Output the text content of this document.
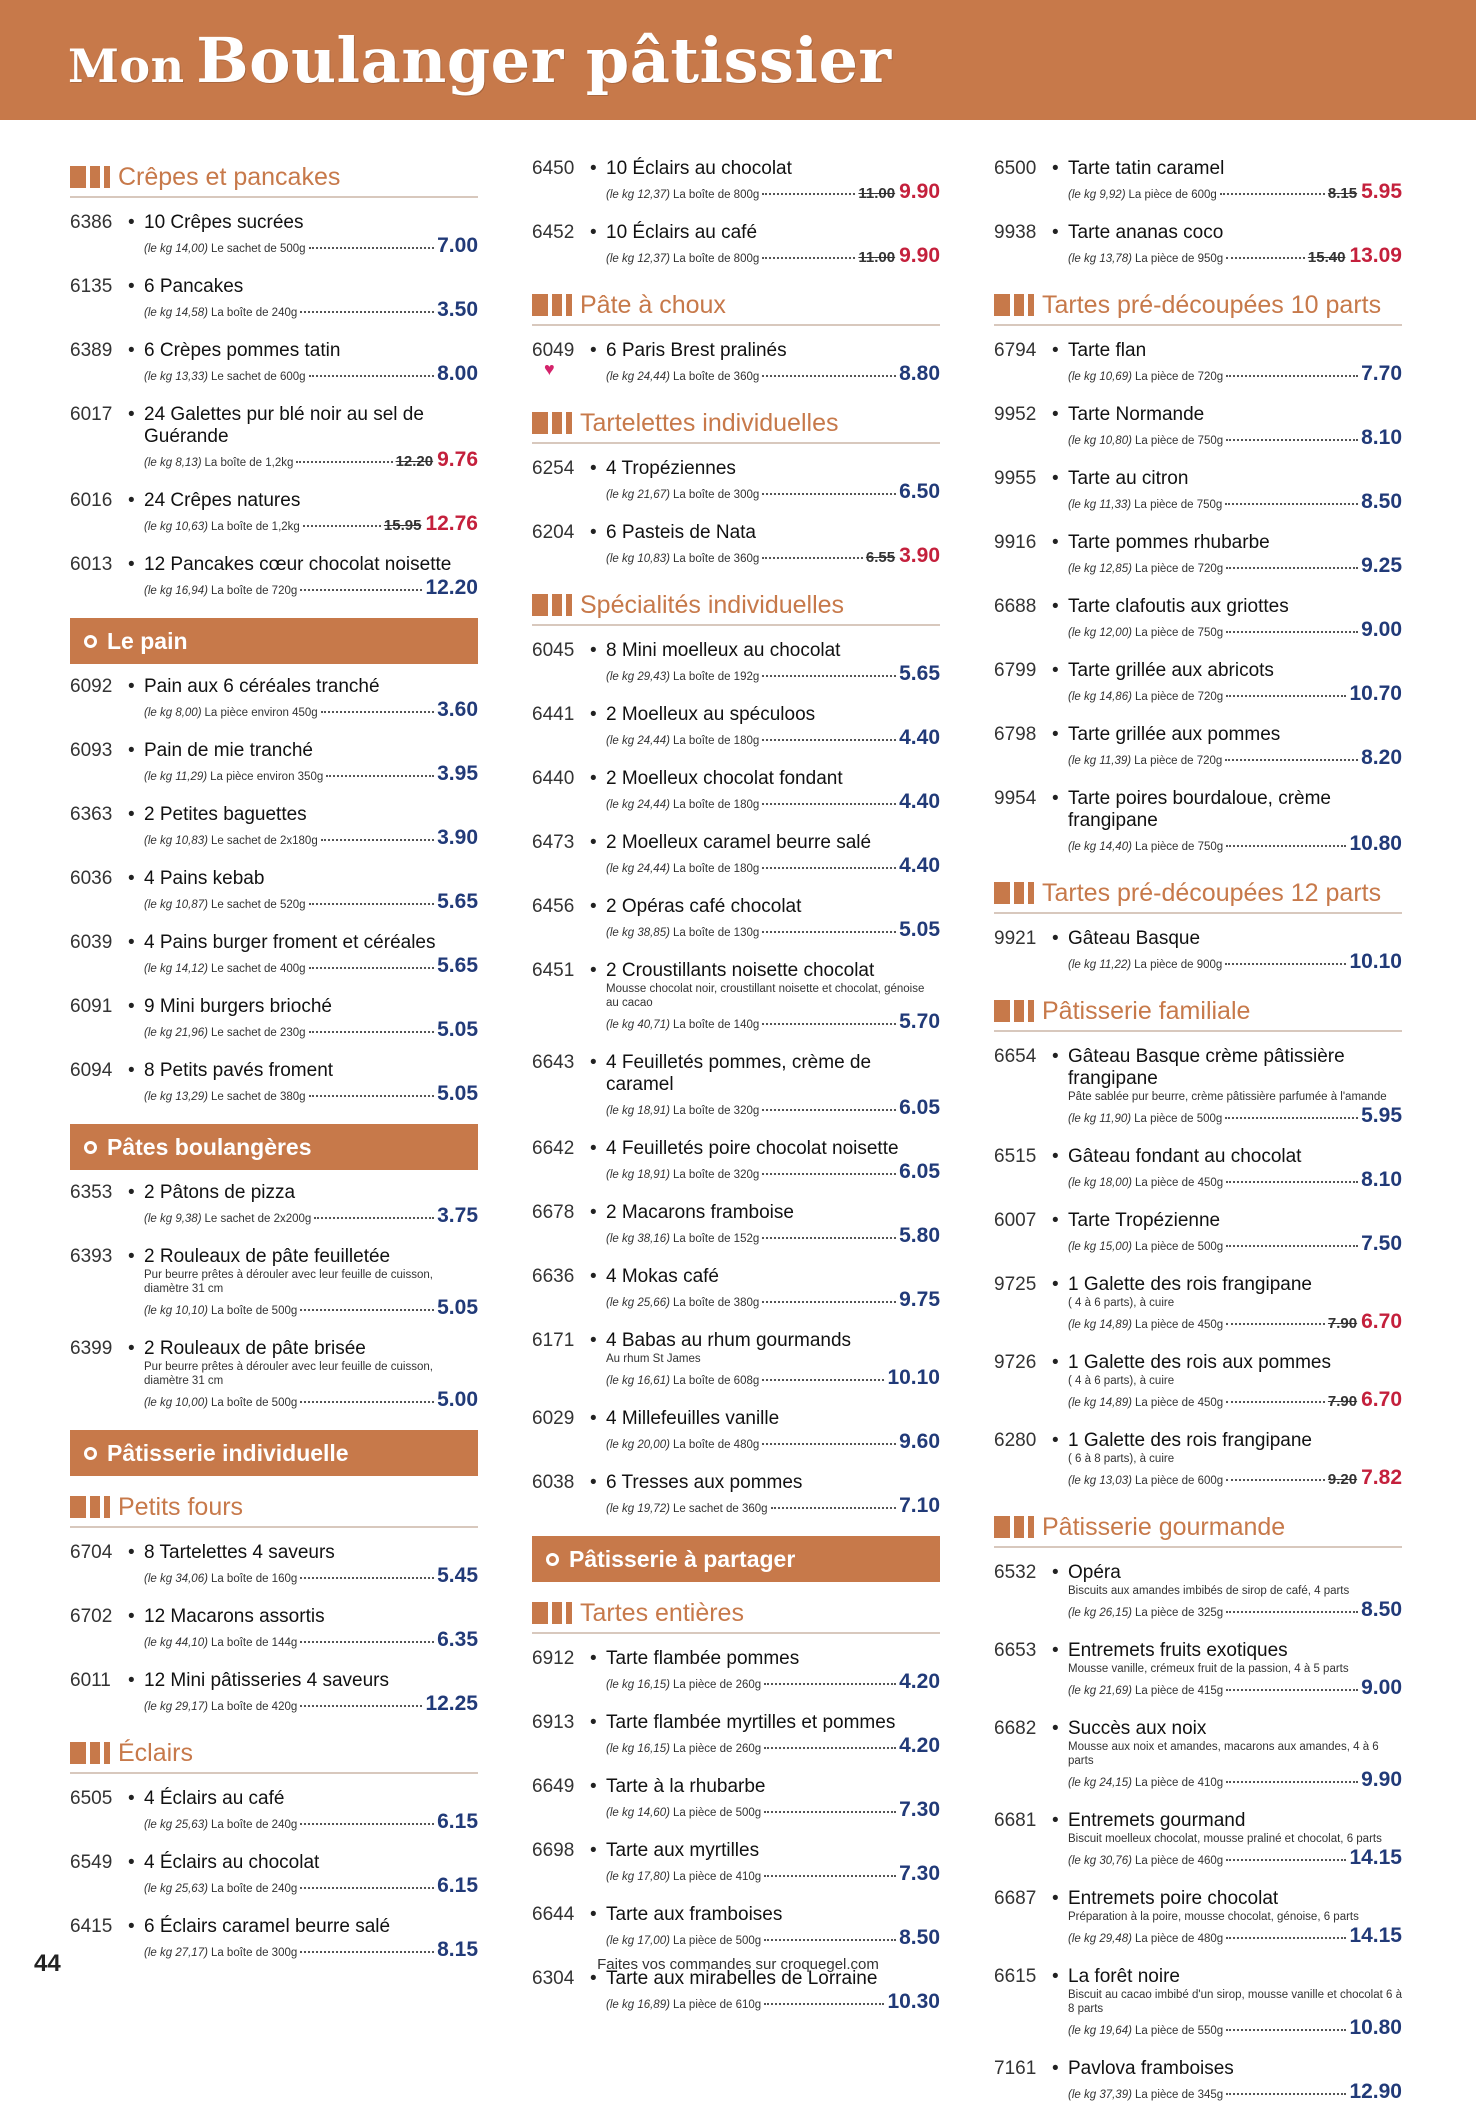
Mon Boulanger pâtissier
Crêpes et pancakes
6386 • 10 Crêpes sucrées
(le kg 14,00) Le sachet de 500g	7.00
6135 • 6 Pancakes
(le kg 14,58) La boîte de 240g	3.50
6389 • 6 Crèpes pommes tatin
(le kg 13,33) Le sachet de 600g	8.00
6017 • 24 Galettes pur blé noir au sel de Guérande
(le kg 8,13) La boîte de 1,2kg	12.20 9.76
6016 • 24 Crêpes natures
(le kg 10,63) La boîte de 1,2kg	15.95 12.76
6013 • 12 Pancakes cœur chocolat noisette
(le kg 16,94) La boîte de 720g	12.20
Le pain
6092 • Pain aux 6 céréales tranché
(le kg 8,00) La pièce environ 450g	3.60
6093 • Pain de mie tranché
(le kg 11,29) La pièce environ 350g	3.95
6363 • 2 Petites baguettes
(le kg 10,83) Le sachet de 2x180g	3.90
6036 • 4 Pains kebab
(le kg 10,87) Le sachet de 520g	5.65
6039 • 4 Pains burger froment et céréales
(le kg 14,12) Le sachet de 400g	5.65
6091 • 9 Mini burgers brioché
(le kg 21,96) Le sachet de 230g	5.05
6094 • 8 Petits pavés froment
(le kg 13,29) Le sachet de 380g	5.05
Pâtes boulangères
6353 • 2 Pâtons de pizza
(le kg 9,38) Le sachet de 2x200g	3.75
6393 • 2 Rouleaux de pâte feuilletée
Pur beurre prêtes à dérouler avec leur feuille de cuisson, diamètre 31 cm
(le kg 10,10) La boîte de 500g	5.05
6399 • 2 Rouleaux de pâte brisée
Pur beurre prêtes à dérouler avec leur feuille de cuisson, diamètre 31 cm
(le kg 10,00) La boîte de 500g	5.00
Pâtisserie individuelle
Petits fours
6704 • 8 Tartelettes 4 saveurs
(le kg 34,06) La boîte de 160g	5.45
6702 • 12 Macarons assortis
(le kg 44,10) La boîte de 144g	6.35
6011 • 12 Mini pâtisseries 4 saveurs
(le kg 29,17) La boîte de 420g	12.25
Éclairs
6505 • 4 Éclairs au café
(le kg 25,63) La boîte de 240g	6.15
6549 • 4 Éclairs au chocolat
(le kg 25,63) La boîte de 240g	6.15
6415 • 6 Éclairs caramel beurre salé
(le kg 27,17) La boîte de 300g	8.15
6450 • 10 Éclairs au chocolat
(le kg 12,37) La boîte de 800g	11.00 9.90
6452 • 10 Éclairs au café
(le kg 12,37) La boîte de 800g	11.00 9.90
Pâte à choux
6049 • 6 Paris Brest pralinés
(le kg 24,44) La boîte de 360g	8.80
♥
Tartelettes individuelles
6254 • 4 Tropéziennes
(le kg 21,67) La boîte de 300g	6.50
6204 • 6 Pasteis de Nata
(le kg 10,83) La boîte de 360g	6.55 3.90
Spécialités individuelles
6045 • 8 Mini moelleux au chocolat
(le kg 29,43) La boîte de 192g	5.65
6441 • 2 Moelleux au spéculoos
(le kg 24,44) La boîte de 180g	4.40
6440 • 2 Moelleux chocolat fondant
(le kg 24,44) La boîte de 180g	4.40
6473 • 2 Moelleux caramel beurre salé
(le kg 24,44) La boîte de 180g	4.40
6456 • 2 Opéras café chocolat
(le kg 38,85) La boîte de 130g	5.05
6451 • 2 Croustillants noisette chocolat
Mousse chocolat noir, croustillant noisette et chocolat, génoise au cacao
(le kg 40,71) La boîte de 140g	5.70
6643 • 4 Feuilletés pommes, crème de caramel
(le kg 18,91) La boîte de 320g	6.05
6642 • 4 Feuilletés poire chocolat noisette
(le kg 18,91) La boîte de 320g	6.05
6678 • 2 Macarons framboise
(le kg 38,16) La boîte de 152g	5.80
6636 • 4 Mokas café
(le kg 25,66) La boîte de 380g	9.75
6171 • 4 Babas au rhum gourmands
Au rhum St James
(le kg 16,61) La boîte de 608g	10.10
6029 • 4 Millefeuilles vanille
(le kg 20,00) La boîte de 480g	9.60
6038 • 6 Tresses aux pommes
(le kg 19,72) Le sachet de 360g	7.10
Pâtisserie à partager
Tartes entières
6912 • Tarte flambée pommes
(le kg 16,15) La pièce de 260g	4.20
6913 • Tarte flambée myrtilles et pommes
(le kg 16,15) La pièce de 260g	4.20
6649 • Tarte à la rhubarbe
(le kg 14,60) La pièce de 500g	7.30
6698 • Tarte aux myrtilles
(le kg 17,80) La pièce de 410g	7.30
6644 • Tarte aux framboises
(le kg 17,00) La pièce de 500g	8.50
6304 • Tarte aux mirabelles de Lorraine
(le kg 16,89) La pièce de 610g	10.30
6500 • Tarte tatin caramel
(le kg 9,92) La pièce de 600g	8.15 5.95
9938 • Tarte ananas coco
(le kg 13,78) La pièce de 950g	15.40 13.09
Tartes pré-découpées 10 parts
6794 • Tarte flan
(le kg 10,69) La pièce de 720g	7.70
9952 • Tarte Normande
(le kg 10,80) La pièce de 750g	8.10
9955 • Tarte au citron
(le kg 11,33) La pièce de 750g	8.50
9916 • Tarte pommes rhubarbe
(le kg 12,85) La pièce de 720g	9.25
6688 • Tarte clafoutis aux griottes
(le kg 12,00) La pièce de 750g	9.00
6799 • Tarte grillée aux abricots
(le kg 14,86) La pièce de 720g	10.70
6798 • Tarte grillée aux pommes
(le kg 11,39) La pièce de 720g	8.20
9954 • Tarte poires bourdaloue, crème frangipane
(le kg 14,40) La pièce de 750g	10.80
Tartes pré-découpées 12 parts
9921 • Gâteau Basque
(le kg 11,22) La pièce de 900g	10.10
Pâtisserie familiale
6654 • Gâteau Basque crème pâtissière frangipane
Pâte sablée pur beurre, crème pâtissière parfumée à l'amande
(le kg 11,90) La pièce de 500g	5.95
6515 • Gâteau fondant au chocolat
(le kg 18,00) La pièce de 450g	8.10
6007 • Tarte Tropézienne
(le kg 15,00) La pièce de 500g	7.50
9725 • 1 Galette des rois frangipane
( 4 à 6 parts), à cuire
(le kg 14,89) La pièce de 450g	7.90 6.70
9726 • 1 Galette des rois aux pommes
( 4 à 6 parts), à cuire
(le kg 14,89) La pièce de 450g	7.90 6.70
6280 • 1 Galette des rois frangipane
( 6 à 8 parts), à cuire
(le kg 13,03) La pièce de 600g	9.20 7.82
Pâtisserie gourmande
6532 • Opéra
Biscuits aux amandes imbibés de sirop de café, 4 parts
(le kg 26,15) La pièce de 325g	8.50
6653 • Entremets fruits exotiques
Mousse vanille, crémeux fruit de la passion, 4 à 5 parts
(le kg 21,69) La pièce de 415g	9.00
6682 • Succès aux noix
Mousse aux noix et amandes, macarons aux amandes, 4 à 6 parts
(le kg 24,15) La pièce de 410g	9.90
6681 • Entremets gourmand
Biscuit moelleux chocolat, mousse praliné et chocolat, 6 parts
(le kg 30,76) La pièce de 460g	14.15
6687 • Entremets poire chocolat
Préparation à la poire, mousse chocolat, génoise, 6 parts
(le kg 29,48) La pièce de 480g	14.15
6615 • La forêt noire
Biscuit au cacao imbibé d'un sirop, mousse vanille et chocolat 6 à 8 parts
(le kg 19,64) La pièce de 550g	10.80
7161 • Pavlova framboises
(le kg 37,39) La pièce de 345g	12.90
44	Faites vos commandes sur croquegel.com
